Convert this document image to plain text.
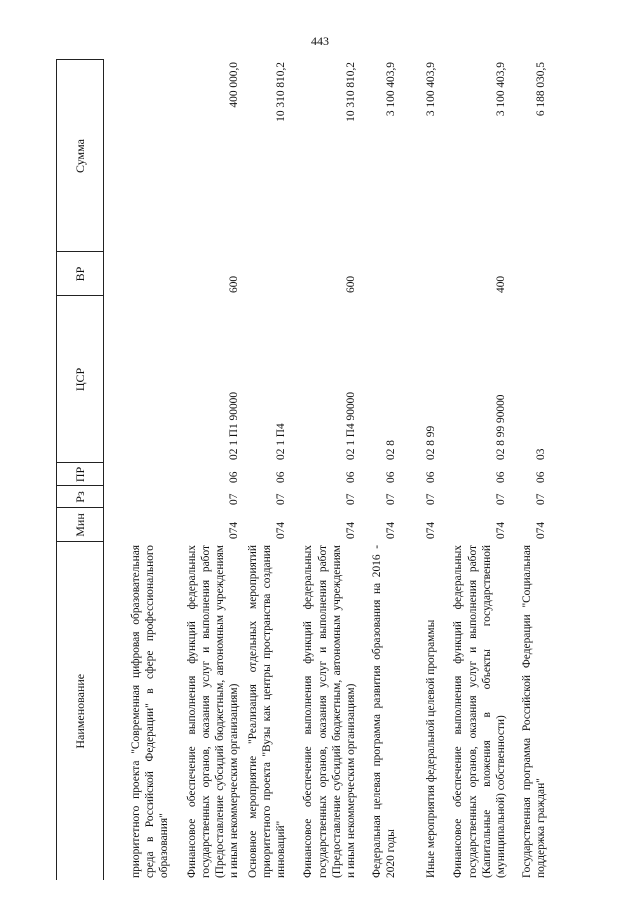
443
Наименование	Мин	Рз	ПР	ЦСР	ВР	Сумма
приоритетного проекта "Современная цифровая образовательная среда в Российской Федерации" в сфере профессионального образования"						
Финансовое обеспечение выполнения функций федеральных государственных органов, оказания услуг и выполнения работ (Предоставление субсидий бюджетным, автономным учреждениям и иным некоммерческим организациям)	074	07	06	02 1 П1 90000	600	400 000,0
Основное мероприятие "Реализация отдельных мероприятий приоритетного проекта "Вузы как центры пространства создания инноваций"	074	07	06	02 1 П4		10 310 810,2
Финансовое обеспечение выполнения функций федеральных государственных органов, оказания услуг и выполнения работ (Предоставление субсидий бюджетным, автономным учреждениям и иным некоммерческим организациям)	074	07	06	02 1 П4 90000	600	10 310 810,2
Федеральная целевая программа развития образования на 2016 - 2020 годы	074	07	06	02 8		3 100 403,9
Иные мероприятия федеральной целевой программы	074	07	06	02 8 99		3 100 403,9
Финансовое обеспечение выполнения функций федеральных государственных органов, оказания услуг и выполнения работ (Капитальные вложения в объекты государственной (муниципальной) собственности)	074	07	06	02 8 99 90000	400	3 100 403,9
Государственная программа Российской Федерации "Социальная поддержка граждан"	074	07	06	03		6 188 030,5
